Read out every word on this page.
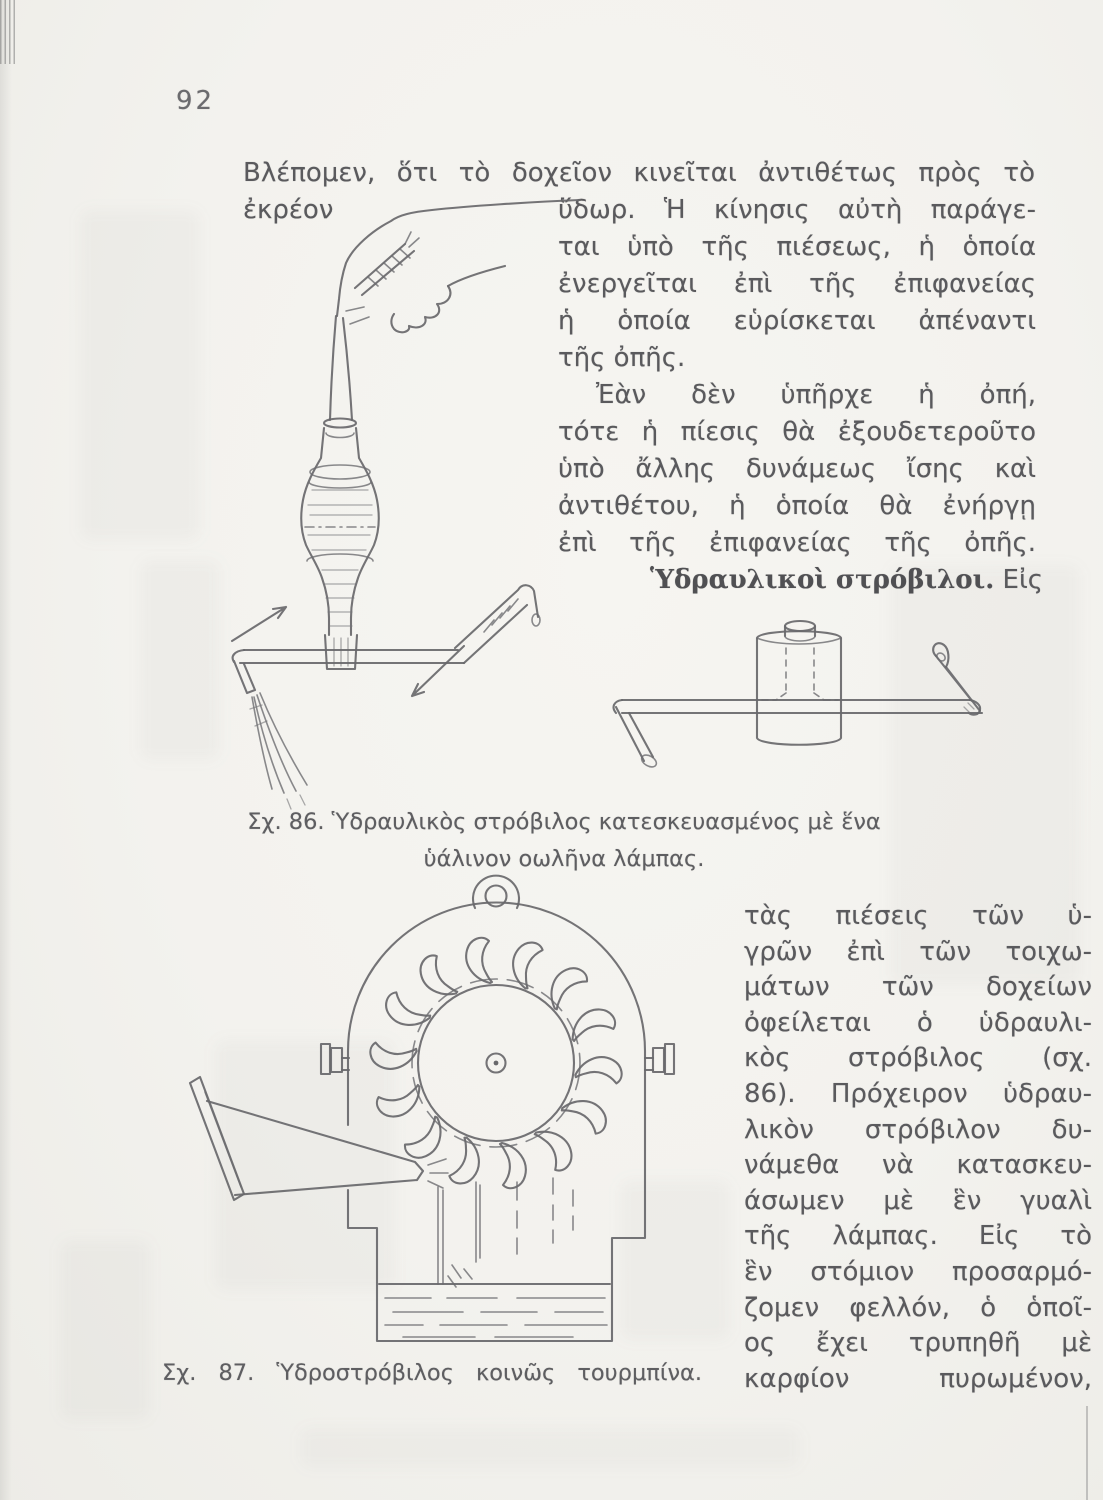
92
Βλέπομεν, ὅτι τὸ δοχεῖον κινεῖται ἀντιθέτως πρὸς τὸ ἐκρέον	ὕδωρ. Ἡ κίνησις αὐτὴ παράγε-
ται ὑπὸ τῆς πιέσεως, ἡ ὁποία
ἐνεργεῖται ἐπὶ τῆς ἐπιφανείας
ἡ ὁποία εὑρίσκεται ἀπέναντι
τῆς ὀπῆς.
Ἐὰν δὲν ὑπῆρχε ἡ ὀπή,
τότε ἡ πίεσις θὰ ἐξουδετεροῦτο
ὑπὸ ἄλλης δυνάμεως ἴσης καὶ
ἀντιθέτου, ἡ ὁποία θὰ ἐνήργῃ
ἐπὶ τῆς ἐπιφανείας τῆς ὀπῆς.
Ὑδραυλικοὶ στρόβιλοι. Εἰς
Σχ. 86. Ὑδραυλικὸς στρόβιλος κατεσκευασμένος μὲ ἕνα
ὑάλινον οωλῆνα λάμπας.
τὰς πιέσεις τῶν ὑ-
γρῶν ἐπὶ τῶν τοιχω-
μάτων τῶν δοχείων
ὀφείλεται ὁ ὑδραυλι-
κὸς στρόβιλος (σχ.
86). Πρόχειρον ὑδραυ-
λικὸν στρόβιλον δυ-
νάμεθα νὰ κατασκευ-
άσωμεν μὲ ἓν γυαλὶ
τῆς λάμπας. Εἰς τὸ
ἓν στόμιον προσαρμό-
ζομεν φελλόν, ὁ ὁποῖ-
ος ἔχει τρυπηθῆ μὲ
καρφίον πυρωμένον,
Σχ. 87. Ὑδροστρόβιλος κοινῶς τουρμπίνα.
